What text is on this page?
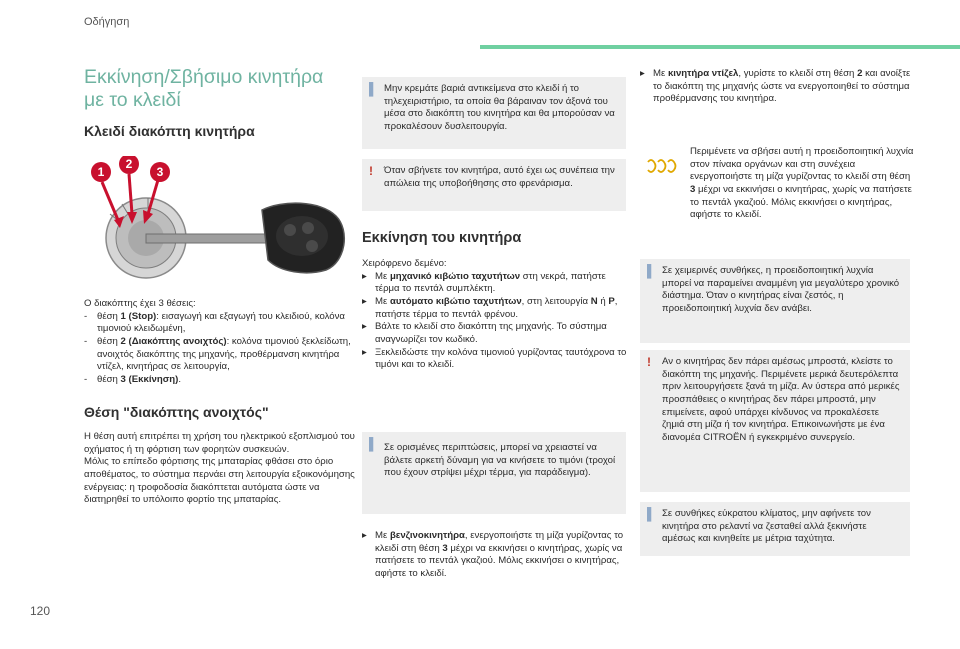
Οδήγηση
120
Εκκίνηση/Σβήσιμο κινητήρα
με το κλειδί
Κλειδί διακόπτη κινητήρα
1
2
3

Ο διακόπτης έχει 3 θέσεις:

- θέση 1 (Stop): εισαγωγή και εξαγωγή του κλειδιού, κολόνα τιμονιού κλειδωμένη,
- θέση 2 (Διακόπτης ανοιχτός): κολόνα τιμονιού ξεκλείδωτη, ανοιχτός διακόπτης της μηχανής, προθέρμανση κινητήρα ντίζελ, κινητήρας σε λειτουργία,
- θέση 3 (Εκκίνηση).
Θέση "διακόπτης ανοιχτός"

Η θέση αυτή επιτρέπει τη χρήση του ηλεκτρικού εξοπλισμού του οχήματος ή τη φόρτιση των φορητών συσκευών.

Μόλις το επίπεδο φόρτισης της μπαταρίας φθάσει στο όριο αποθέματος, το σύστημα περνάει στη λειτουργία εξοικονόμησης ενέργειας: η τροφοδοσία διακόπτεται αυτόματα ώστε να διατηρηθεί το υπόλοιπο φορτίο της μπαταρίας.

▌ Μην κρεμάτε βαριά αντικείμενα στο κλειδί ή το τηλεχειριστήριο, τα οποία θα βάραιναν τον άξονά του μέσα στο διακόπτη του κινητήρα και θα μπορούσαν να προκαλέσουν δυσλειτουργία.

! Όταν σβήνετε τον κινητήρα, αυτό έχει ως συνέπεια την απώλεια της υποβοήθησης στο φρενάρισμα.

Εκκίνηση του κινητήρα

Χειρόφρενο δεμένο:

▸ Με μηχανικό κιβώτιο ταχυτήτων στη νεκρά, πατήστε τέρμα το πεντάλ συμπλέκτη.
▸ Με αυτόματο κιβώτιο ταχυτήτων, στη λειτουργία N ή P, πατήστε τέρμα το πεντάλ φρένου.
▸ Βάλτε το κλειδί στο διακόπτη της μηχανής. Το σύστημα αναγνωρίζει τον κωδικό.
▸ Ξεκλειδώστε την κολόνα τιμονιού γυρίζοντας ταυτόχρονα το τιμόνι και το κλειδί.
▌ Σε ορισμένες περιπτώσεις, μπορεί να χρειαστεί να βάλετε αρκετή δύναμη για να κινήσετε το τιμόνι (τροχοί που έχουν στρίψει μέχρι τέρμα, για παράδειγμα).

▸ Με βενζινοκινητήρα, ενεργοποιήστε τη μίζα γυρίζοντας το κλειδί στη θέση 3 μέχρι να εκκινήσει ο κινητήρας, χωρίς να πατήσετε το πεντάλ γκαζιού. Μόλις εκκινήσει ο κινητήρας, αφήστε το κλειδί.
▸ Με κινητήρα ντίζελ, γυρίστε το κλειδί στη θέση 2 και ανοίξτε το διακόπτη της μηχανής ώστε να ενεργοποιηθεί το σύστημα προθέρμανσης του κινητήρα.

Περιμένετε να σβήσει αυτή η προειδοποιητική λυχνία στον πίνακα οργάνων και στη συνέχεια ενεργοποιήστε τη μίζα γυρίζοντας το κλειδί στη θέση 3 μέχρι να εκκινήσει ο κινητήρας, χωρίς να πατήσετε το πεντάλ γκαζιού. Μόλις εκκινήσει ο κινητήρας, αφήστε το κλειδί.

▌ Σε χειμερινές συνθήκες, η προειδοποιητική λυχνία μπορεί να παραμείνει αναμμένη για μεγαλύτερο χρονικό διάστημα. Όταν ο κινητήρας είναι ζεστός, η προειδοποιητική λυχνία δεν ανάβει.

! Αν ο κινητήρας δεν πάρει αμέσως μπροστά, κλείστε το διακόπτη της μηχανής. Περιμένετε μερικά δευτερόλεπτα πριν λειτουργήσετε ξανά τη μίζα. Αν ύστερα από μερικές προσπάθειες ο κινητήρας δεν πάρει μπροστά, μην επιμείνετε, αφού υπάρχει κίνδυνος να προκαλέσετε ζημιά στη μίζα ή τον κινητήρα. Επικοινωνήστε με ένα διανομέα CITROËN ή εγκεκριμένο συνεργείο.

▌ Σε συνθήκες εύκρατου κλίματος, μην αφήνετε τον κινητήρα στο ρελαντί να ζεσταθεί αλλά ξεκινήστε αμέσως και κινηθείτε με μέτρια ταχύτητα.
